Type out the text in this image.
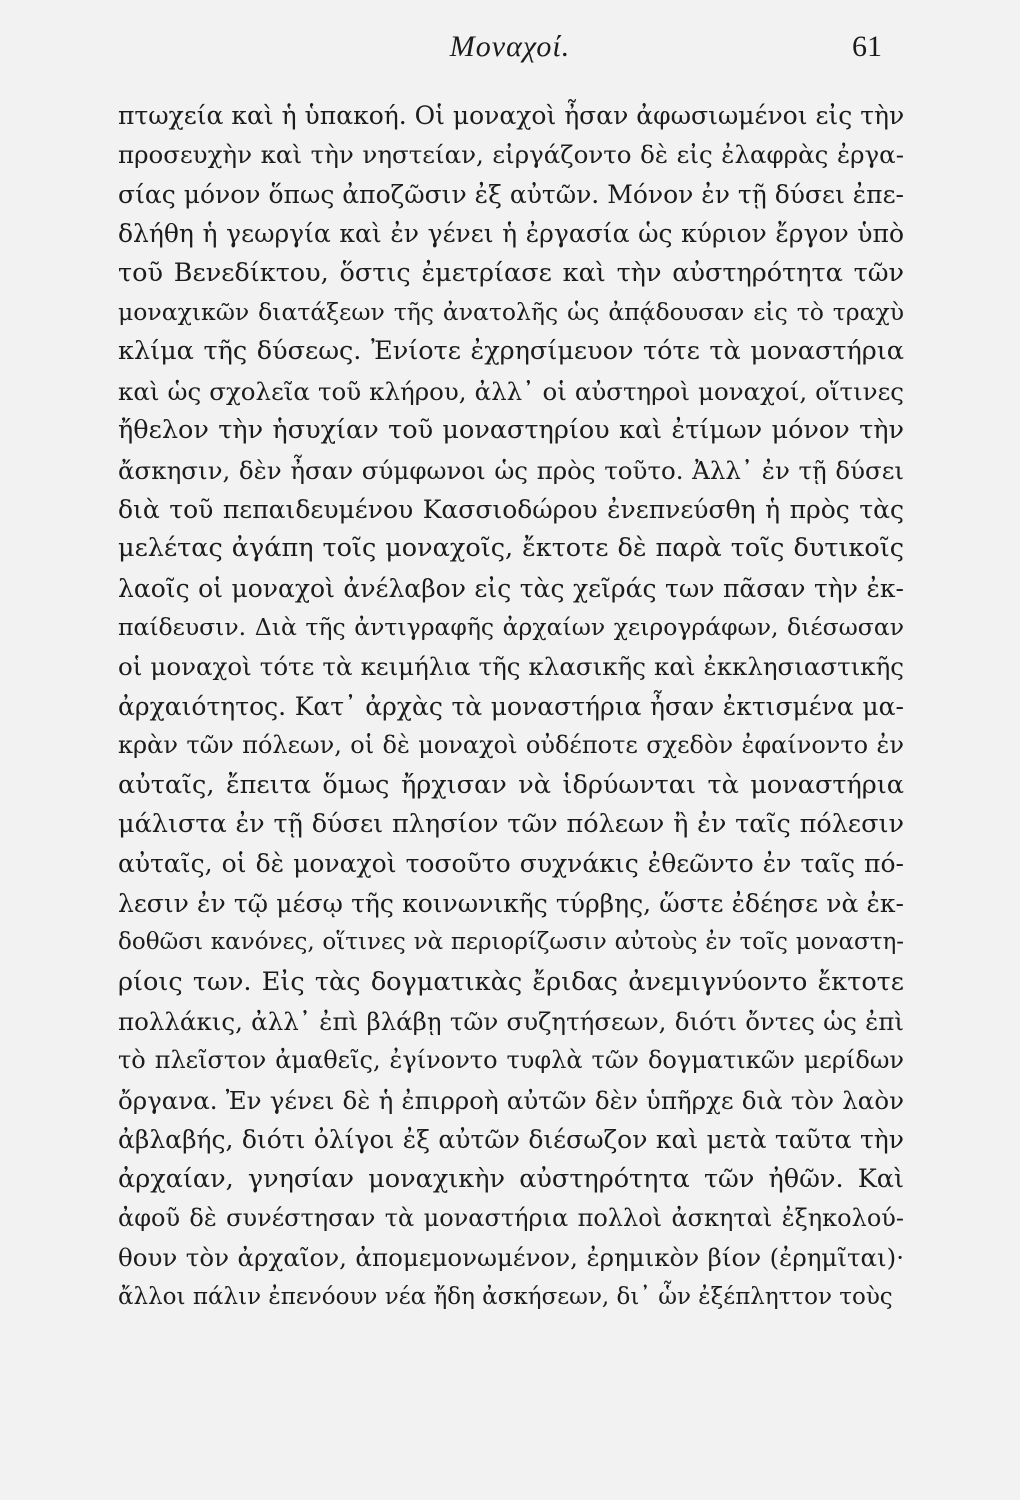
Μοναχοί.	61
πτωχεία καὶ ἡ ὑπακοή. Οἱ μοναχοὶ ἦσαν ἀφωσιωμένοι εἰς τὴν
προσευχὴν καὶ τὴν νηστείαν, εἰργάζοντο δὲ εἰς ἐλαφρὰς ἐργα-
σίας μόνον ὅπως ἀποζῶσιν ἐξ αὐτῶν. Μόνον ἐν τῇ δύσει ἐπε-
δλήθη ἡ γεωργία καὶ ἐν γένει ἡ ἐργασία ὡς κύριον ἔργον ὑπὸ
τοῦ Βενεδίκτου, ὅστις ἐμετρίασε καὶ τὴν αὐστηρότητα τῶν
μοναχικῶν διατάξεων τῆς ἀνατολῆς ὡς ἀπᾴδουσαν εἰς τὸ τραχὺ
κλίμα τῆς δύσεως. Ἐνίοτε ἐχρησίμευον τότε τὰ μοναστήρια
καὶ ὡς σχολεῖα τοῦ κλήρου, ἀλλ᾽ οἱ αὐστηροὶ μοναχοί, οἵτινες
ἤθελον τὴν ἡσυχίαν τοῦ μοναστηρίου καὶ ἐτίμων μόνον τὴν
ἄσκησιν, δὲν ἦσαν σύμφωνοι ὡς πρὸς τοῦτο. Ἀλλ᾽ ἐν τῇ δύσει
διὰ τοῦ πεπαιδευμένου Κασσιοδώρου ἐνεπνεύσθη ἡ πρὸς τὰς
μελέτας ἀγάπη τοῖς μοναχοῖς, ἔκτοτε δὲ παρὰ τοῖς δυτικοῖς
λαοῖς οἱ μοναχοὶ ἀνέλαβον εἰς τὰς χεῖράς των πᾶσαν τὴν ἐκ-
παίδευσιν. Διὰ τῆς ἀντιγραφῆς ἀρχαίων χειρογράφων, διέσωσαν
οἱ μοναχοὶ τότε τὰ κειμήλια τῆς κλασικῆς καὶ ἐκκλησιαστικῆς
ἀρχαιότητος. Κατ᾽ ἀρχὰς τὰ μοναστήρια ἦσαν ἐκτισμένα μα-
κρὰν τῶν πόλεων, οἱ δὲ μοναχοὶ οὐδέποτε σχεδὸν ἐφαίνοντο ἐν
αὐταῖς, ἔπειτα ὅμως ἤρχισαν νὰ ἱδρύωνται τὰ μοναστήρια
μάλιστα ἐν τῇ δύσει πλησίον τῶν πόλεων ἢ ἐν ταῖς πόλεσιν
αὐταῖς, οἱ δὲ μοναχοὶ τοσοῦτο συχνάκις ἐθεῶντο ἐν ταῖς πό-
λεσιν ἐν τῷ μέσῳ τῆς κοινωνικῆς τύρβης, ὥστε ἐδέησε νὰ ἐκ-
δοθῶσι κανόνες, οἵτινες νὰ περιορίζωσιν αὐτοὺς ἐν τοῖς μοναστη-
ρίοις των. Εἰς τὰς δογματικὰς ἔριδας ἀνεμιγνύοντο ἔκτοτε
πολλάκις, ἀλλ᾽ ἐπὶ βλάβῃ τῶν συζητήσεων, διότι ὄντες ὡς ἐπὶ
τὸ πλεῖστον ἀμαθεῖς, ἐγίνοντο τυφλὰ τῶν δογματικῶν μερίδων
ὄργανα. Ἐν γένει δὲ ἡ ἐπιρροὴ αὐτῶν δὲν ὑπῆρχε διὰ τὸν λαὸν
ἀβλαβής, διότι ὀλίγοι ἐξ αὐτῶν διέσωζον καὶ μετὰ ταῦτα τὴν
ἀρχαίαν, γνησίαν μοναχικὴν αὐστηρότητα τῶν ἠθῶν. Καὶ
ἀφοῦ δὲ συνέστησαν τὰ μοναστήρια πολλοὶ ἀσκηταὶ ἐξηκολού-
θουν τὸν ἀρχαῖον, ἀπομεμονωμένον, ἐρημικὸν βίον (ἐρημῖται)·
ἄλλοι πάλιν ἐπενόουν νέα ἤδη ἀσκήσεων, δι᾽ ὧν ἐξέπληττον τοὺς
